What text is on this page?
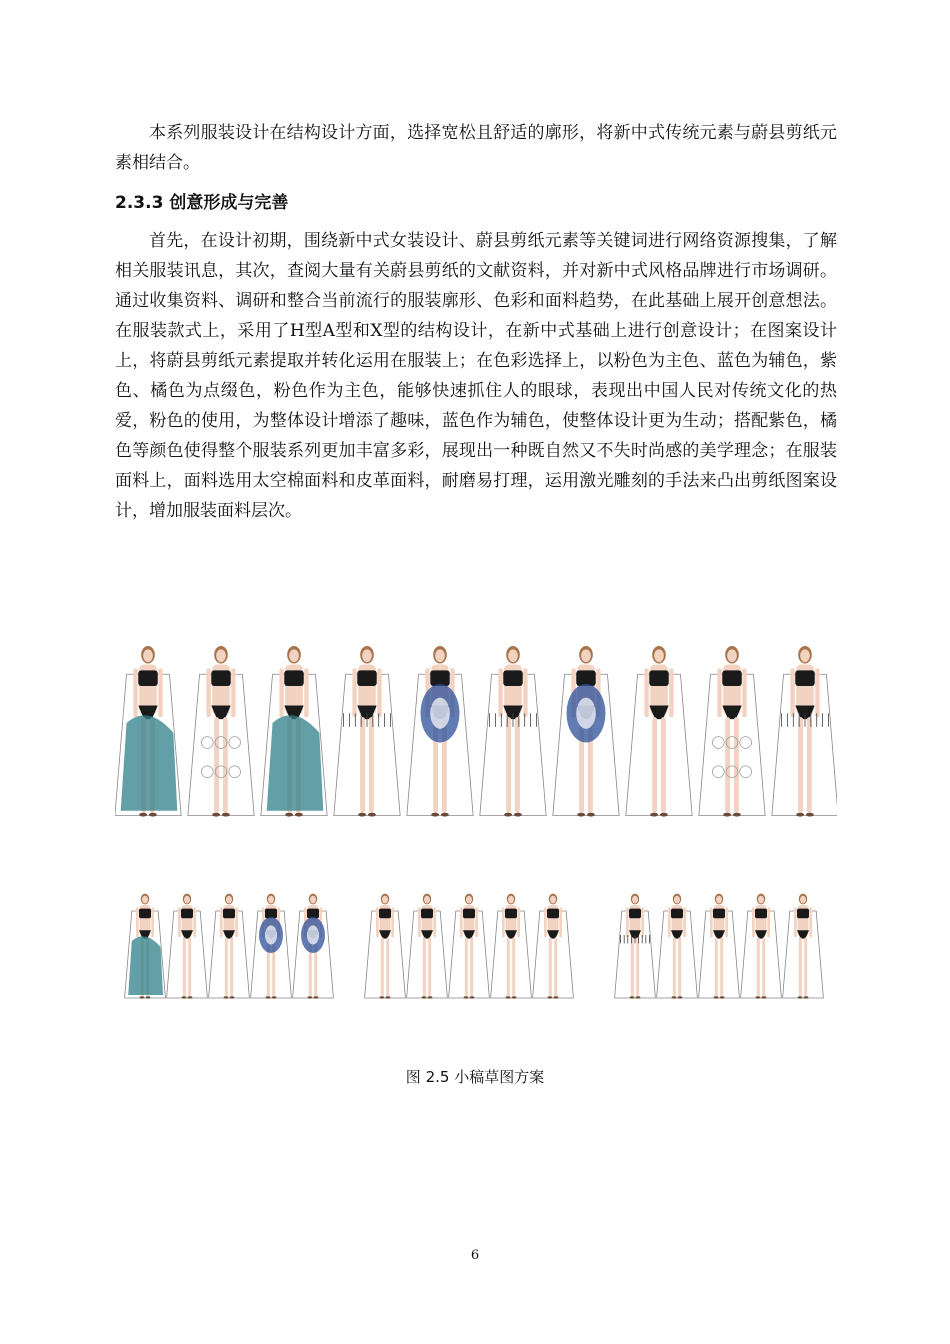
本系列服装设计在结构设计方面，选择宽松且舒适的廓形，将新中式传统元素与蔚县剪纸元素相结合。

2.3.3 创意形成与完善

首先，在设计初期，围绕新中式女装设计、蔚县剪纸元素等关键词进行网络资源搜集，了解相关服装讯息，其次，查阅大量有关蔚县剪纸的文献资料，并对新中式风格品牌进行市场调研。通过收集资料、调研和整合当前流行的服装廓形、色彩和面料趋势，在此基础上展开创意想法。在服装款式上，采用了H型A型和X型的结构设计，在新中式基础上进行创意设计；在图案设计上，将蔚县剪纸元素提取并转化运用在服装上；在色彩选择上，以粉色为主色、蓝色为辅色，紫色、橘色为点缀色，粉色作为主色，能够快速抓住人的眼球，表现出中国人民对传统文化的热爱，粉色的使用，为整体设计增添了趣味，蓝色作为辅色，使整体设计更为生动；搭配紫色，橘色等颜色使得整个服装系列更加丰富多彩，展现出一种既自然又不失时尚感的美学理念；在服装面料上，面料选用太空棉面料和皮革面料，耐磨易打理，运用激光雕刻的手法来凸出剪纸图案设计，增加服装面料层次。

图 2.5 小稿草图方案
6
